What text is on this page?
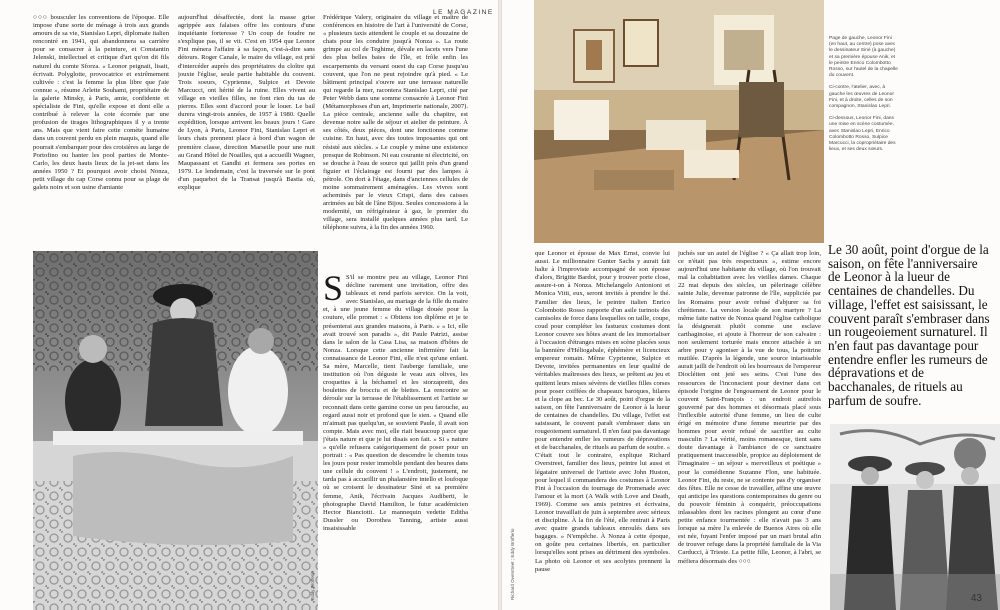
○○○ bousculer les conventions de l'époque. Elle impose d'une sorte de ménage à trois aux grands amours de sa vie, Stanislao Lepri, diplomate italien rencontré en 1941, qui abandonnera sa carrière pour se consacrer à la peinture, et Constantin Jelenski, intellectuel et critique d'art qu'on dit fils naturel du comte Sforza. « Leonor peignait, lisait, écrivait. Polyglotte, provocatrice et extrêmement cultivée : c'est la femme la plus libre que j'aie connue », résume Arlette Souhami, propriétaire de la galerie Minsky, à Paris, amie, confidente et spécialiste de Fini, qu'elle expose et dont elle a contribué à relever la cote écornée par une profusion de tirages lithographiques il y a trente ans. Mais que vient faire cette comète humaine dans un couvent perdu en plein maquis, quand elle pourrait s'embarquer pour des croisières au large de Portofino ou hanter les pool parties de Monte-Carlo, les deux hauts lieux de la jet-set dans les années 1950 ? Et pourquoi avoir choisi Nonza, petit village du cap Corse connu pour sa plage de galets noirs et son usine d'amiante
aujourd'hui désaffectée, dont la masse grise agrippée aux falaises offre les contours d'une inquiétante forteresse ? Un coup de foudre ne s'explique pas, il se vit. C'est en 1954 que Leonor Fini mènera l'affaire à sa façon, c'est-à-dire sans détours. Roger Canale, le maire du village, est prié d'intercéder auprès des propriétaires du cloître qui jouxte l'église, seule partie habitable du couvent. Trois soeurs, Cyprienne, Sulpice et Devote Marcucci, ont hérité de la ruine. Elles vivent au village en vieilles filles, ne font rien du tas de pierres. Elles sont d'accord pour le louer. Le bail durera vingt-trois années, de 1957 à 1980. Quelle expédition, lorsque arrivent les beaux jours ! Gare de Lyon, à Paris, Leonor Fini, Stanislao Lepri et leurs chats prennent place à bord d'un wagon de première classe, direction Marseille pour une nuit au Grand Hôtel de Noailles, qui a accueilli Wagner, Maupassant et Gandhi et fermera ses portes en 1979. Le lendemain, c'est la traversée sur le pont d'un paquebot de la Transat jusqu'à Bastia où, explique
Frédérique Valery, originaire du village et maître de conférences en histoire de l'art à l'université de Corse, « plusieurs taxis attendent le couple et sa douzaine de chats pour les conduire jusqu'à Nonza ». La route grimpe au col de Teghime, dévale en lacets vers l'une des plus belles baies de l'île, et frôle enfin les escarpements du versant ouest du cap Corse jusqu'au couvent, que l'on ne peut rejoindre qu'à pied. « Le bâtiment principal s'ouvre sur une terrasse naturelle qui regarde la mer, racontera Stanislao Lepri, cité par Peter Webb dans une somme consacrée à Leonor Fini (Métamorphoses d'un art, Imprimerie nationale, 2007). La pièce centrale, ancienne salle du chapitre, est devenue notre salle de séjour et atelier de peinture. À ses côtés, deux pièces, dont une fonctionne comme cuisine. En haut, avec des toutes imposantes qui ont résisté aux siècles. » Le couple y mène une existence presque de Robinson. Ni eau courante ni électricité, on se douche à l'eau de source qui jaillit près d'un grand figuier et l'éclairage est fourni par des lampes à pétrole. On dort à l'étage, dans d'anciennes cellules de moine sommairement aménagées. Les vivres sont acheminés par le vieux Crispi, dans des caisses arrimées au bât de l'âne Bijou. Seules concessions à la modernité, un réfrigérateur à gaz, le premier du village, sera installé quelques années plus tard. Le téléphone suivra, à la fin des années 1960.
S S'il se montre peu au village, Leonor Fini décline rarement une invitation, offre des tableaux et rend parfois service. On la voit, avec Stanislao, au mariage de la fille du maire et, à une jeune femme du village douée pour la couture, elle promet : « Obtiens ton diplôme et je te présenterai aux grandes maisons, à Paris. » « Ici, elle avait trouvé son paradis », dit Paule Patrizi, assise dans le salon de la Casa Lisa, sa maison d'hôtes de Nonza. Lorsque cette ancienne infirmière fait la connaissance de Leonor Fini, elle n'est qu'une enfant. Sa mère, Marcelle, tient l'auberge familiale, une institution où l'on déguste le veau aux olives, les croquettes à la béchamel et les storzapretti, des boulettes de brocciu et de blettes. La rencontre se déroule sur la terrasse de l'établissement et l'artiste se reconnait dans cette gamine corse un peu farouche, au regard aussi noir et profond que le sien. « Quand elle m'aimait pas quelqu'un, se souvient Paule, il avait son compte. Mais avec moi, elle riait beaucoup parce que j'étais nature et que je lui disais son fait. » Si « nature » qu'elle refusera catégoriquement de poser pour un portrait : « Pas question de descendre le chemin tous les jours pour rester immobile pendant des heures dans une cellule du couvent ! » L'endroit, justement, ne tarda pas à accueillir un phalanstère intello et loufoque où se croisent le dessinateur Siné et sa première femme, Anik, l'écrivain Jacques Audiberti, le photographe David Hamilton, le futur académicien Hector Bianciotti. Le mannequin vedette Editha Dussler ou Dorothea Tanning, artiste aussi insaisissable
Eddy Brofferio
LE MAGAZINE
Richard Overstreet ; Eddy Brofferio
que Leonor et épouse de Max Ernst, convie lui aussi. Le millionnaire Gunter Sachs y aurait fait halte à l'improviste accompagné de son épouse d'alors, Brigitte Bardot, pour y trouver porte close, assure-t-on à Nonza. Michelangelo Antonioni et Monica Vitti, eux, seront invités à prendre le thé. Familier des lieux, le peintre italien Enrico Colombotto Rosso rapporte d'un asile turinois des camisoles de force dans lesquelles on taille, coupe, coud pour compléter les fastueux costumes dont Leonor couvre ses hôtes avant de les immortaliser à l'occasion d'étranges mises en scène placées sous la bannière d'Héliogabale, éphémère et licencieux empereur romain. Même Cyprienne, Sulpice et Devote, invitées permanentes en leur qualité de véritables maîtresses des lieux, se prêtent au jeu et quittent leurs mises sévères de vieilles filles corses pour poser coiffées de chapeaux baroques, hilares et la clope au bec. Le 30 août, point d'orgue de la saison, on fête l'anniversaire de Leonor à la lueur de centaines de chandelles. Du village, l'effet est saisissant, le couvent paraît s'embraser dans un rougeoiement surnaturel. Il n'en faut pas davantage pour entendre enfler les rumeurs de dépravations et de bacchanales, de rituels au parfum de soufre. « C'était tout le contraire, explique Richard Overstreet, familier des lieux, peintre lui aussi et légataire universel de l'artiste avec John Huston, pour lequel il commandera des costumes à Leonor Fini à l'occasion du tournage de Promenade avec l'amour et la mort (A Walk with Love and Death, 1969). Comme ses amis peintres et écrivains, Leonor travaillait de juin à septembre avec sérieux et discipline. À la fin de l'été, elle rentrait à Paris avec quatre grands tableaux enroulés dans ses bagages. » N'empêche. À Nonza à cette époque, on goûte peu certaines libertés, en particulier lorsqu'elles sont prises au détriment des symboles. La photo où Leonor et ses acolytes prennent la pause
juchés sur un autel de l'église ? « Ça allait trop loin, ce n'était pas très respectueux », estime encore aujourd'hui une habitante du village, où l'on trouvait mal la cohabitation avec les vieilles dames. Chaque 22 mai depuis des siècles, un pèlerinage célèbre sainte Julie, devenue patronne de l'île, suppliciée par les Romains pour avoir refusé d'abjurer sa foi chrétienne. La version locale de son martyre ? La même faite native de Nonza quand l'église catholique la désignerait plutôt comme une esclave carthaginoise, et ajoute à l'horreur de son calvaire : non seulement torturée mais encore attachée à un arbre pour y agoniser à la vue de tous, la poitrine mutilée. D'après la légende, une source intarissable aurait jailli de l'endroit où les bourreaux de l'empereur Dioclétien ont jeté ses seins. C'est l'une des ressources de l'inconscient pour deviner dans cet épisode l'origine de l'engouement de Leonor pour le couvent Saint-François : un endroit autrefois gouverné par des hommes et désormais placé sous l'inflexible autorité d'une femme, un lieu de culte érigé en mémoire d'une femme meurtrie par des hommes pour avoir refusé de sacrifier au culte masculin ? La vérité, moins romanesque, tient sans doute davantage à l'ambiance de ce sanctuaire pratiquement inaccessible, propice au déploiement de l'imaginaire – un séjour « merveilleux et poétique » pour la comédienne Suzanne Flon, une habituée. Leonor Fini, du reste, ne se contente pas d'y organiser des fêtes. Elle ne cesse de travailler, affine une œuvre qui anticipe les questions contemporaines du genre ou du pouvoir féminin à conquérir, préoccupations inlassables dont les racines plongent au cœur d'une petite enfance tourmentée : elle n'avait pas 3 ans lorsque sa mère l'a enlevée de Buenos Aires où elle est née, fuyant l'enfer imposé par un mari brutal afin de trouver refuge dans la propriété familiale de la Via Carducci, à Trieste. La petite fille, Leonor, à l'abri, se méfiera désormais des ○○○

Page de gauche, Leonor Fini (en haut, au centre) pose avec le dessinateur Siné (à gauche) et sa première épouse Anik, et le peintre Enrico Colombotto Rosso, sur l'autel de la chapelle du couvent.

Ci-contre, l'atelier, avec, à gauche les œuvres de Leonor Fini, et à droite, celles de son compagnon, Stanislao Lepri.

Ci-dessous, Leonor Fini, dans une mise en scène costumée, avec Stanislao Lepri, Enrico Colombotto Rosso, Sulpice Marcucci, la copropriétaire des lieux, et ses deux sœurs.

Le 30 août, point d'orgue de la saison, on fête l'anniversaire de Leonor à la lueur de centaines de chandelles. Du village, l'effet est saisissant, le couvent paraît s'embraser dans un rougeoiement surnaturel. Il n'en faut pas davantage pour entendre enfler les rumeurs de dépravations et de bacchanales, de rituels au parfum de soufre.
43
